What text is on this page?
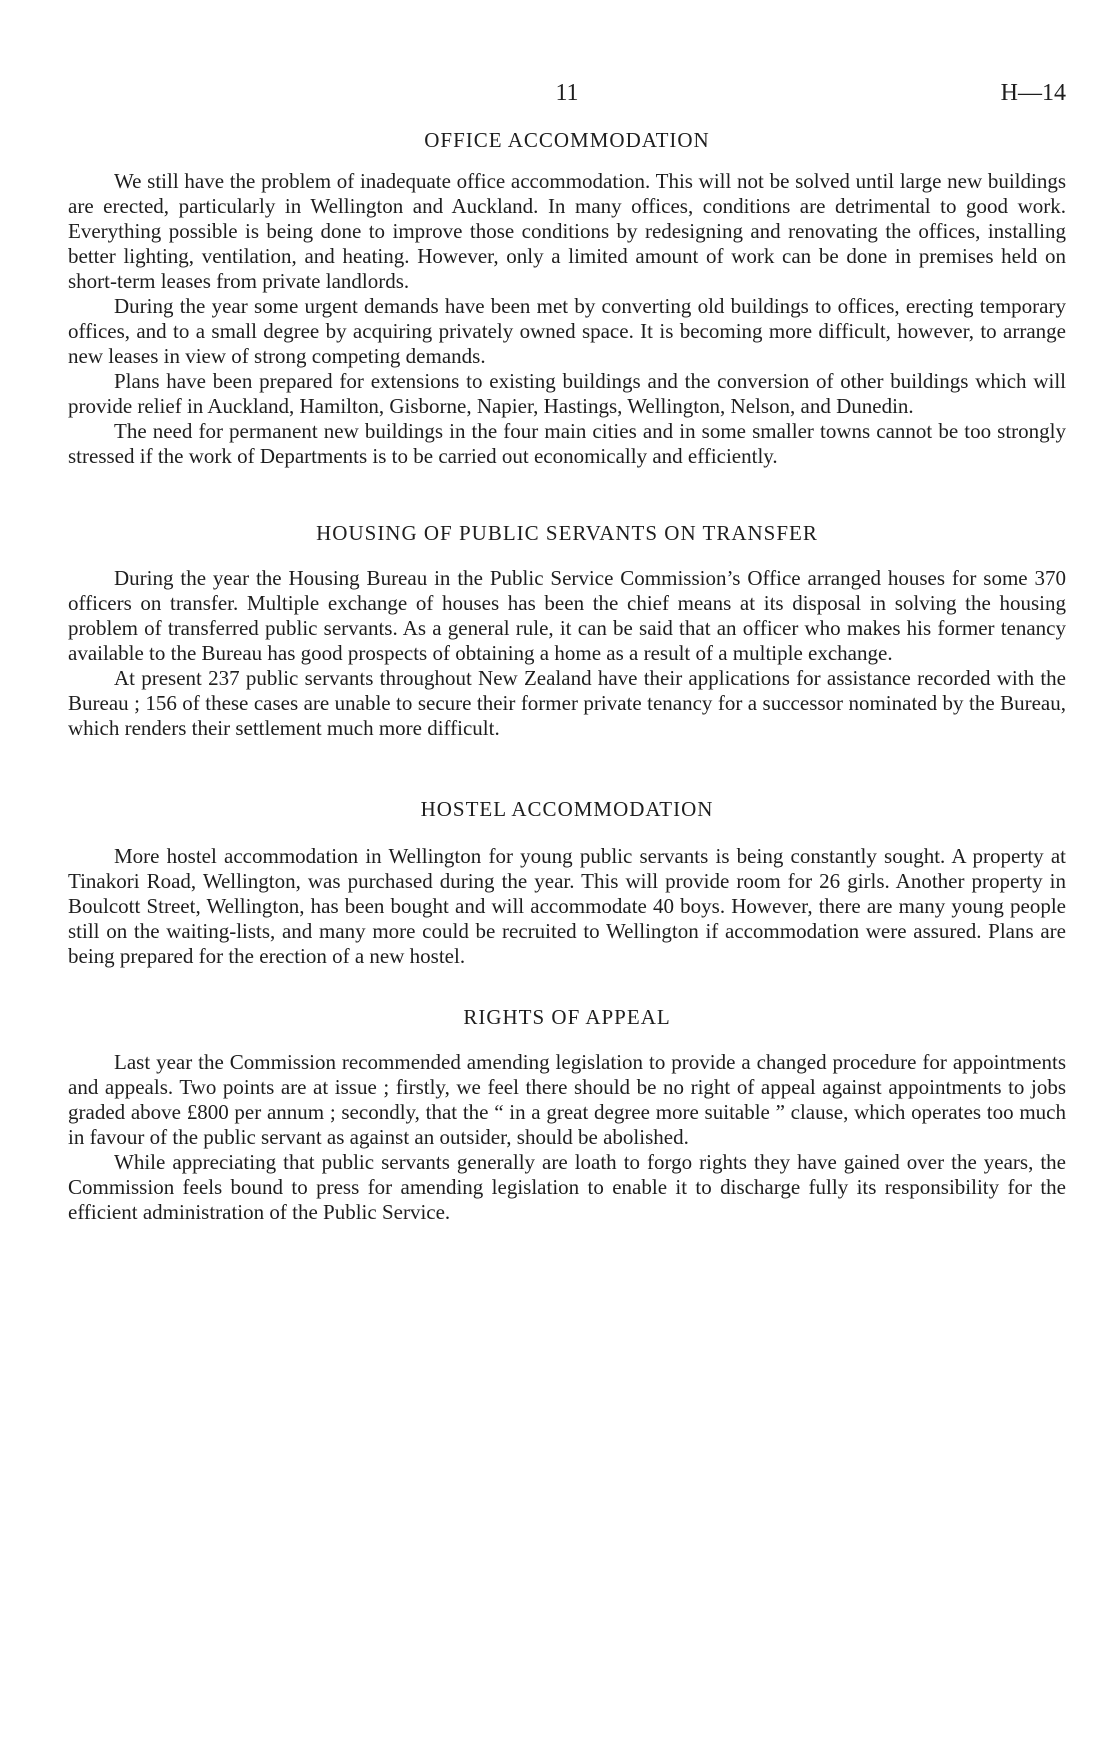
11	H—14
OFFICE ACCOMMODATION

We still have the problem of inadequate office accommodation. This will not be solved until large new buildings are erected, particularly in Wellington and Auckland. In many offices, conditions are detrimental to good work. Everything possible is being done to improve those conditions by redesigning and renovating the offices, installing better lighting, ventilation, and heating. However, only a limited amount of work can be done in premises held on short-term leases from private landlords.

During the year some urgent demands have been met by converting old buildings to offices, erecting temporary offices, and to a small degree by acquiring privately owned space. It is becoming more difficult, however, to arrange new leases in view of strong competing demands.

Plans have been prepared for extensions to existing buildings and the conversion of other buildings which will provide relief in Auckland, Hamilton, Gisborne, Napier, Hastings, Wellington, Nelson, and Dunedin.

The need for permanent new buildings in the four main cities and in some smaller towns cannot be too strongly stressed if the work of Departments is to be carried out economically and efficiently.

HOUSING OF PUBLIC SERVANTS ON TRANSFER

During the year the Housing Bureau in the Public Service Commission’s Office arranged houses for some 370 officers on transfer. Multiple exchange of houses has been the chief means at its disposal in solving the housing problem of transferred public servants. As a general rule, it can be said that an officer who makes his former tenancy available to the Bureau has good prospects of obtaining a home as a result of a multiple exchange.

At present 237 public servants throughout New Zealand have their applications for assistance recorded with the Bureau ; 156 of these cases are unable to secure their former private tenancy for a successor nominated by the Bureau, which renders their settlement much more difficult.

HOSTEL ACCOMMODATION

More hostel accommodation in Wellington for young public servants is being constantly sought. A property at Tinakori Road, Wellington, was purchased during the year. This will provide room for 26 girls. Another property in Boulcott Street, Wellington, has been bought and will accommodate 40 boys. However, there are many young people still on the waiting-lists, and many more could be recruited to Wellington if accommodation were assured. Plans are being prepared for the erection of a new hostel.

RIGHTS OF APPEAL

Last year the Commission recommended amending legislation to provide a changed procedure for appointments and appeals. Two points are at issue ; firstly, we feel there should be no right of appeal against appointments to jobs graded above £800 per annum ; secondly, that the “ in a great degree more suitable ” clause, which operates too much in favour of the public servant as against an outsider, should be abolished.

While appreciating that public servants generally are loath to forgo rights they have gained over the years, the Commission feels bound to press for amending legislation to enable it to discharge fully its responsibility for the efficient administration of the Public Service.
